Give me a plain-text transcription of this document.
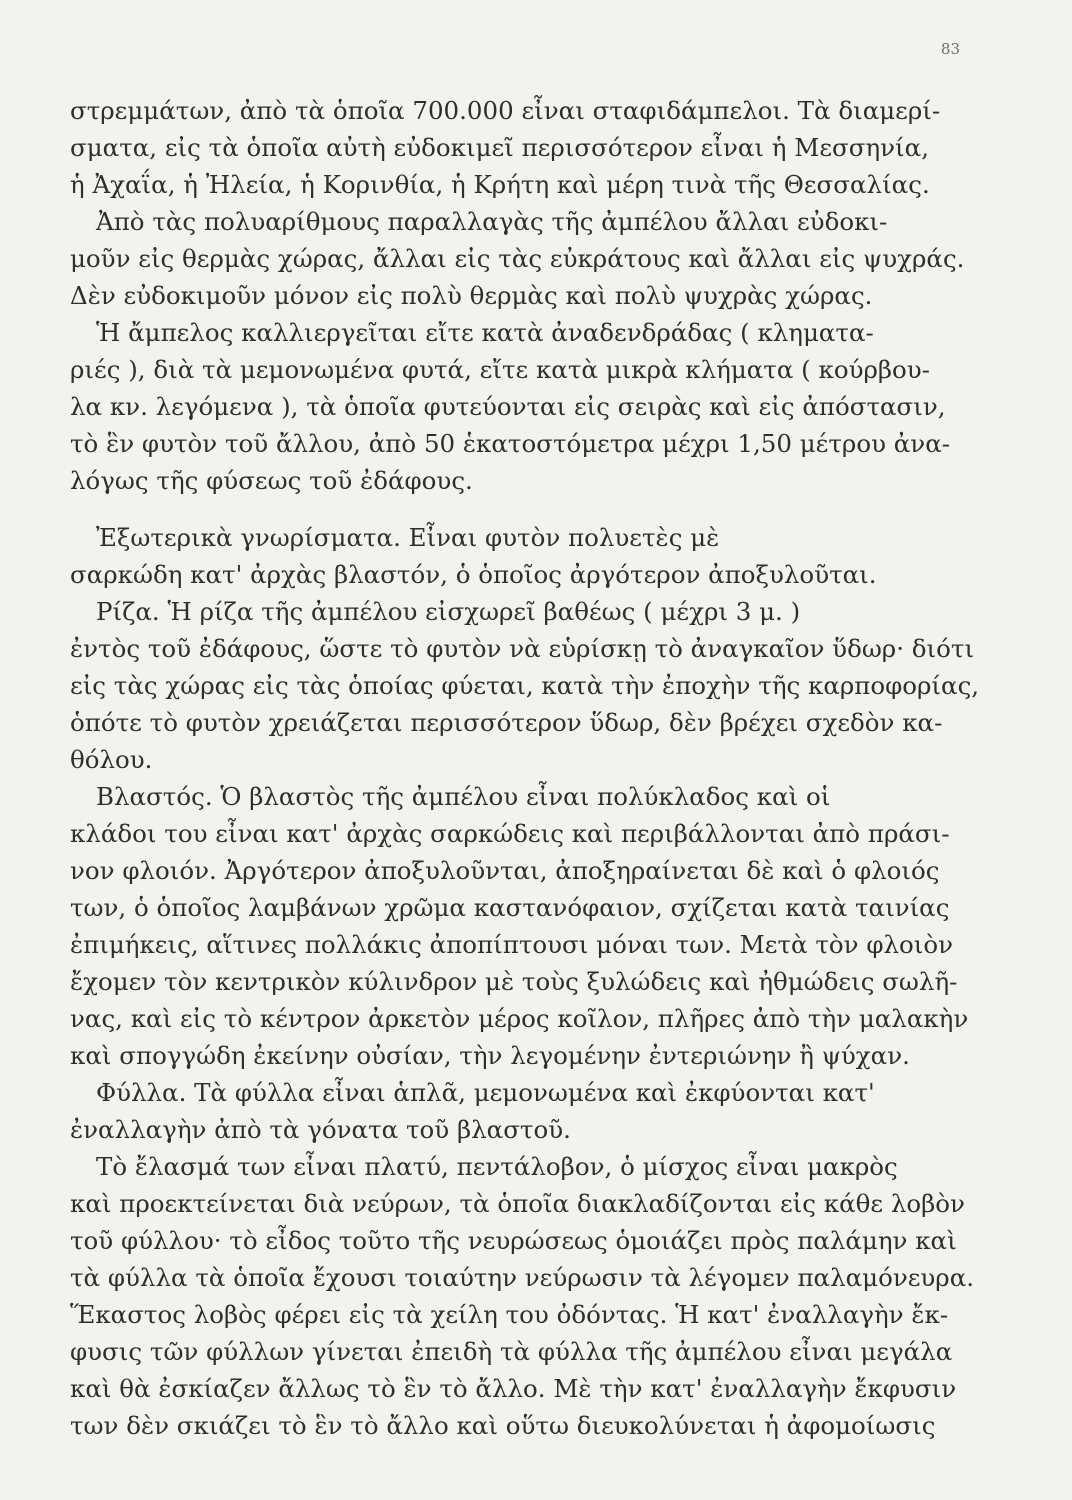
83

στρεμμάτων, ἀπὸ τὰ ὁποῖα 700.000 εἶναι σταφιδάμπελοι. Τὰ διαμερί-

σματα, εἰς τὰ ὁποῖα αὐτὴ εὐδοκιμεῖ περισσότερον εἶναι ἡ Μεσσηνία,

ἡ Ἀχαΐα, ἡ Ἠλεία, ἡ Κορινθία, ἡ Κρήτη καὶ μέρη τινὰ τῆς Θεσσαλίας.

Ἀπὸ τὰς πολυαρίθμους παραλλαγὰς τῆς ἀμπέλου ἄλλαι εὐδοκι-

μοῦν εἰς θερμὰς χώρας, ἄλλαι εἰς τὰς εὐκράτους καὶ ἄλλαι εἰς ψυχράς.

Δὲν εὐδοκιμοῦν μόνον εἰς πολὺ θερμὰς καὶ πολὺ ψυχρὰς χώρας.

Ἡ ἄμπελος καλλιεργεῖται εἴτε κατὰ ἀναδενδράδας ( κληματα-

ριές ), διὰ τὰ μεμονωμένα φυτά, εἴτε κατὰ μικρὰ κλήματα ( κούρβου-

λα κν. λεγόμενα ), τὰ ὁποῖα φυτεύονται εἰς σειρὰς καὶ εἰς ἀπόστασιν,

τὸ ἓν φυτὸν τοῦ ἄλλου, ἀπὸ 50 ἑκατοστόμετρα μέχρι 1,50 μέτρου ἀνα-

λόγως τῆς φύσεως τοῦ ἐδάφους.

Ἐξωτερικὰ γνωρίσματα. Εἶναι φυτὸν πολυετὲς μὲ

σαρκώδη κατ' ἀρχὰς βλαστόν, ὁ ὁποῖος ἀργότερον ἀποξυλοῦται.

Ρίζα. Ἡ ρίζα τῆς ἀμπέλου εἰσχωρεῖ βαθέως ( μέχρι 3 μ. )

ἐντὸς τοῦ ἐδάφους, ὥστε τὸ φυτὸν νὰ εὑρίσκῃ τὸ ἀναγκαῖον ὕδωρ· διότι

εἰς τὰς χώρας εἰς τὰς ὁποίας φύεται, κατὰ τὴν ἐποχὴν τῆς καρποφορίας,

ὁπότε τὸ φυτὸν χρειάζεται περισσότερον ὕδωρ, δὲν βρέχει σχεδὸν κα-

θόλου.

Βλαστός. Ὁ βλαστὸς τῆς ἀμπέλου εἶναι πολύκλαδος καὶ οἱ

κλάδοι του εἶναι κατ' ἀρχὰς σαρκώδεις καὶ περιβάλλονται ἀπὸ πράσι-

νον φλοιόν. Ἀργότερον ἀποξυλοῦνται, ἀποξηραίνεται δὲ καὶ ὁ φλοιός

των, ὁ ὁποῖος λαμβάνων χρῶμα καστανόφαιον, σχίζεται κατὰ ταινίας

ἐπιμήκεις, αἵτινες πολλάκις ἀποπίπτουσι μόναι των. Μετὰ τὸν φλοιὸν

ἔχομεν τὸν κεντρικὸν κύλινδρον μὲ τοὺς ξυλώδεις καὶ ἠθμώδεις σωλῆ-

νας, καὶ εἰς τὸ κέντρον ἀρκετὸν μέρος κοῖλον, πλῆρες ἀπὸ τὴν μαλακὴν

καὶ σπογγώδη ἐκείνην οὐσίαν, τὴν λεγομένην ἐντεριώνην ἢ ψύχαν.

Φύλλα. Τὰ φύλλα εἶναι ἁπλᾶ, μεμονωμένα καὶ ἐκφύονται κατ'

ἐναλλαγὴν ἀπὸ τὰ γόνατα τοῦ βλαστοῦ.

Τὸ ἔλασμά των εἶναι πλατύ, πεντάλοβον, ὁ μίσχος εἶναι μακρὸς

καὶ προεκτείνεται διὰ νεύρων, τὰ ὁποῖα διακλαδίζονται εἰς κάθε λοβὸν

τοῦ φύλλου· τὸ εἶδος τοῦτο τῆς νευρώσεως ὁμοιάζει πρὸς παλάμην καὶ

τὰ φύλλα τὰ ὁποῖα ἔχουσι τοιαύτην νεύρωσιν τὰ λέγομεν παλαμόνευρα.

Ἕκαστος λοβὸς φέρει εἰς τὰ χείλη του ὀδόντας. Ἡ κατ' ἐναλλαγὴν ἔκ-

φυσις τῶν φύλλων γίνεται ἐπειδὴ τὰ φύλλα τῆς ἀμπέλου εἶναι μεγάλα

καὶ θὰ ἐσκίαζεν ἄλλως τὸ ἓν τὸ ἄλλο. Μὲ τὴν κατ' ἐναλλαγὴν ἔκφυσιν

των δὲν σκιάζει τὸ ἓν τὸ ἄλλο καὶ οὕτω διευκολύνεται ἡ ἀφομοίωσις
